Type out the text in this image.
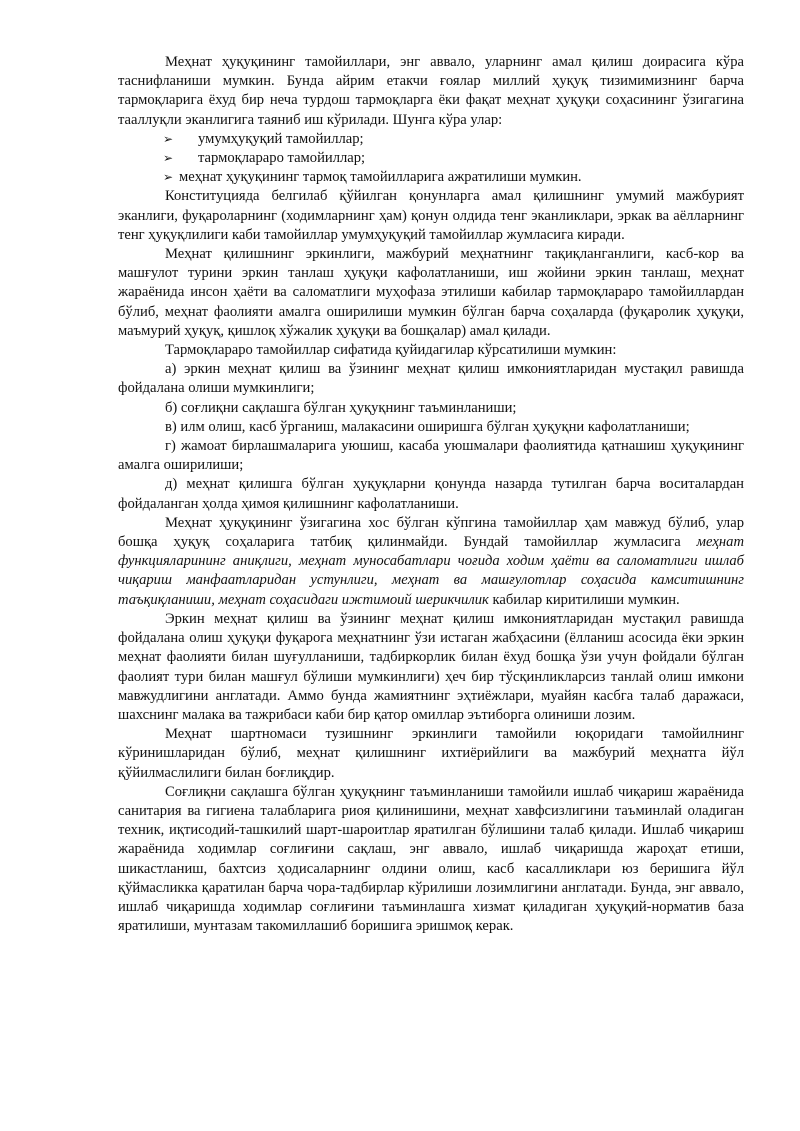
Меҳнат ҳуқуқининг тамойиллари, энг аввало, уларнинг амал қилиш доирасига кўра таснифланиши мумкин. Бунда айрим етакчи ғоялар миллий ҳуқуқ тизимимизнинг барча тармоқларига ёхуд бир неча турдош тармоқларга ёки фақат меҳнат ҳуқуқи соҳасининг ўзигагина тааллуқли эканлигига таяниб иш кўрилади. Шунга кўра улар:

➢	умумҳуқуқий тамойиллар;
➢	тармоқлараро тамойиллар;
➢ меҳнат ҳуқуқининг тармоқ тамойилларига ажратилиши мумкин.

Конституцияда белгилаб қўйилган қонунларга амал қилишнинг умумий мажбурият эканлиги, фуқароларнинг (ходимларнинг ҳам) қонун олдида тенг эканликлари, эркак ва аёлларнинг тенг ҳуқуқлилиги каби тамойиллар умумҳуқуқий тамойиллар жумласига киради.

Меҳнат қилишнинг эркинлиги, мажбурий меҳнатнинг тақиқланганлиги, касб-кор ва машғулот турини эркин танлаш ҳуқуқи кафолатланиши, иш жойини эркин танлаш, меҳнат жараёнида инсон ҳаёти ва саломатлиги муҳофаза этилиши кабилар тармоқлараро тамойиллардан бўлиб, меҳнат фаолияти амалга оширилиши мумкин бўлган барча соҳаларда (фуқаролик ҳуқуқи, маъмурий ҳуқуқ, қишлоқ хўжалик ҳуқуқи ва бошқалар) амал қилади.

Тармоқлараро тамойиллар сифатида қуйидагилар кўрсатилиши мумкин:

а) эркин меҳнат қилиш ва ўзининг меҳнат қилиш имкониятларидан мустақил равишда фойдалана олиши мумкинлиги;

б) соғлиқни сақлашга бўлган ҳуқуқнинг таъминланиши;

в) илм олиш, касб ўрганиш, малакасини оширишга бўлган ҳуқуқни кафолатланиши;

г) жамоат бирлашмаларига уюшиш, касаба уюшмалари фаолиятида қатнашиш ҳуқуқининг амалга оширилиши;

д) меҳнат қилишга бўлган ҳуқуқларни қонунда назарда тутилган барча воситалардан фойдаланган ҳолда ҳимоя қилишнинг кафолатланиши.

Меҳнат ҳуқуқининг ўзигагина хос бўлган кўпгина тамойиллар ҳам мавжуд бўлиб, улар бошқа ҳуқуқ соҳаларига татбиқ қилинмайди. Бундай тамойиллар жумласига меҳнат функцияларининг аниқлиги, меҳнат муносабатлари чоғида ходим ҳаёти ва саломатлиги ишлаб чиқариш манфаатларидан устунлиги, меҳнат ва машғулотлар соҳасида камситишнинг таъқиқланиши, меҳнат соҳасидаги ижтимоий шерикчилик кабилар киритилиши мумкин.

Эркин меҳнат қилиш ва ўзининг меҳнат қилиш имкониятларидан мустақил равишда фойдалана олиш ҳуқуқи фуқарога меҳнатнинг ўзи истаган жабҳасини (ёлланиш асосида ёки эркин меҳнат фаолияти билан шуғулланиши, тадбиркорлик билан ёхуд бошқа ўзи учун фойдали бўлган фаолият тури билан машғул бўлиши мумкинлиги) ҳеч бир тўсқинликларсиз танлай олиш имкони мавжудлигини англатади. Аммо бунда жамиятнинг эҳтиёжлари, муайян касбга талаб даражаси, шахснинг малака ва тажрибаси каби бир қатор омиллар эътиборга олиниши лозим.

Меҳнат шартномаси тузишнинг эркинлиги тамойили юқоридаги тамойилнинг кўринишларидан бўлиб, меҳнат қилишнинг ихтиёрийлиги ва мажбурий меҳнатга йўл қўйилмаслилиги билан боғлиқдир.

Соғлиқни сақлашга бўлган ҳуқуқнинг таъминланиши тамойили ишлаб чиқариш жараёнида санитария ва гигиена талабларига риоя қилинишини, меҳнат хавфсизлигини таъминлай оладиган техник, иқтисодий-ташкилий шарт-шароитлар яратилган бўлишини талаб қилади. Ишлаб чиқариш жараёнида ходимлар соғлиғини сақлаш, энг аввало, ишлаб чиқаришда жароҳат етиши, шикастланиш, бахтсиз ҳодисаларнинг олдини олиш, касб касалликлари юз беришига йўл қўймасликка қаратилан барча чора-тадбирлар кўрилиши лозимлигини англатади. Бунда, энг аввало, ишлаб чиқаришда ходимлар соғлиғини таъминлашга хизмат қиладиган ҳуқуқий-норматив база яратилиши, мунтазам такомиллашиб боришига эришмоқ керак.
